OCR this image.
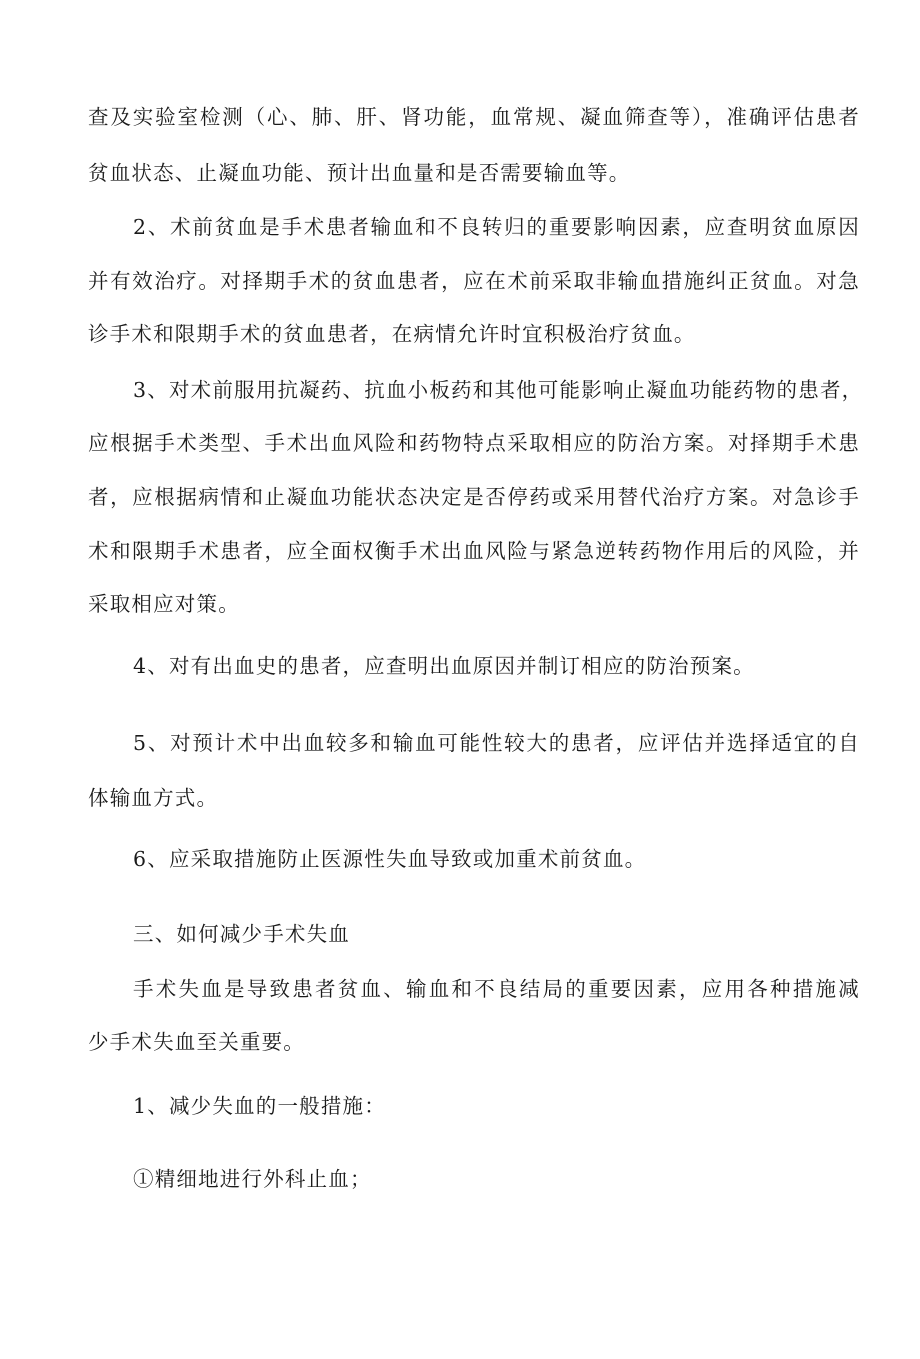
查及实验室检测（心、肺、肝、肾功能，血常规、凝血筛查等），准确评估患者
贫血状态、止凝血功能、预计出血量和是否需要输血等。
2、术前贫血是手术患者输血和不良转归的重要影响因素，应查明贫血原因
并有效治疗。对择期手术的贫血患者，应在术前采取非输血措施纠正贫血。对急
诊手术和限期手术的贫血患者，在病情允许时宜积极治疗贫血。
3、对术前服用抗凝药、抗血小板药和其他可能影响止凝血功能药物的患者，
应根据手术类型、手术出血风险和药物特点采取相应的防治方案。对择期手术患
者，应根据病情和止凝血功能状态决定是否停药或采用替代治疗方案。对急诊手
术和限期手术患者，应全面权衡手术出血风险与紧急逆转药物作用后的风险，并
采取相应对策。
4、对有出血史的患者，应查明出血原因并制订相应的防治预案。
5、对预计术中出血较多和输血可能性较大的患者，应评估并选择适宜的自
体输血方式。
6、应采取措施防止医源性失血导致或加重术前贫血。
三、如何减少手术失血
手术失血是导致患者贫血、输血和不良结局的重要因素，应用各种措施减
少手术失血至关重要。
1、减少失血的一般措施：
①精细地进行外科止血；
